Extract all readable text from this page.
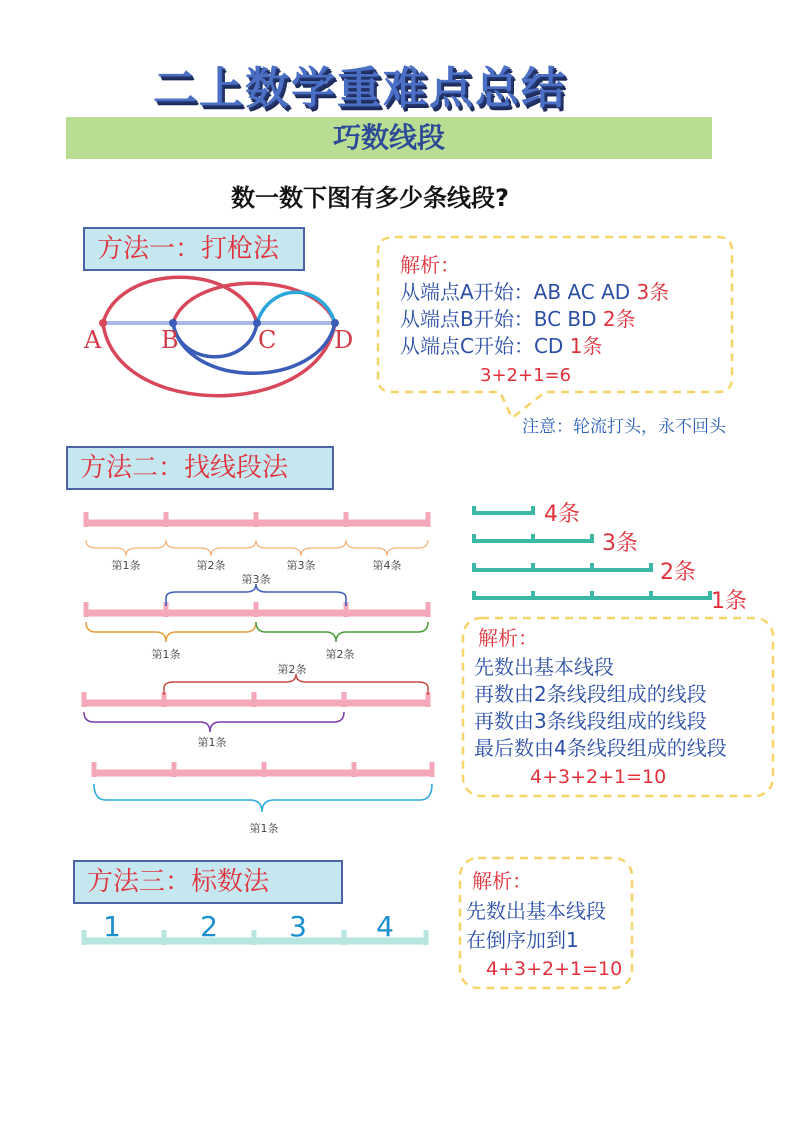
二上数学重难点总结
巧数线段
数一数下图有多少条线段?
方法一：打枪法
A B	C D
解析：
从端点A开始：AB AC AD 3条
从端点B开始：BC BD 2条
从端点C开始：CD 1条
3+2+1=6
注意：轮流打头，永不回头
方法二：找线段法
第1条	第2条	第3条	第4条
第3条
第1条	第2条
第2条
第1条
第1条
4条
3条
2条
1条
解析：
先数出基本线段
再数由2条线段组成的线段
再数由3条线段组成的线段
最后数由4条线段组成的线段
4+3+2+1=10
方法三：标数法
1	2	3 4
解析：
先数出基本线段
在倒序加到1
4+3+2+1=10
